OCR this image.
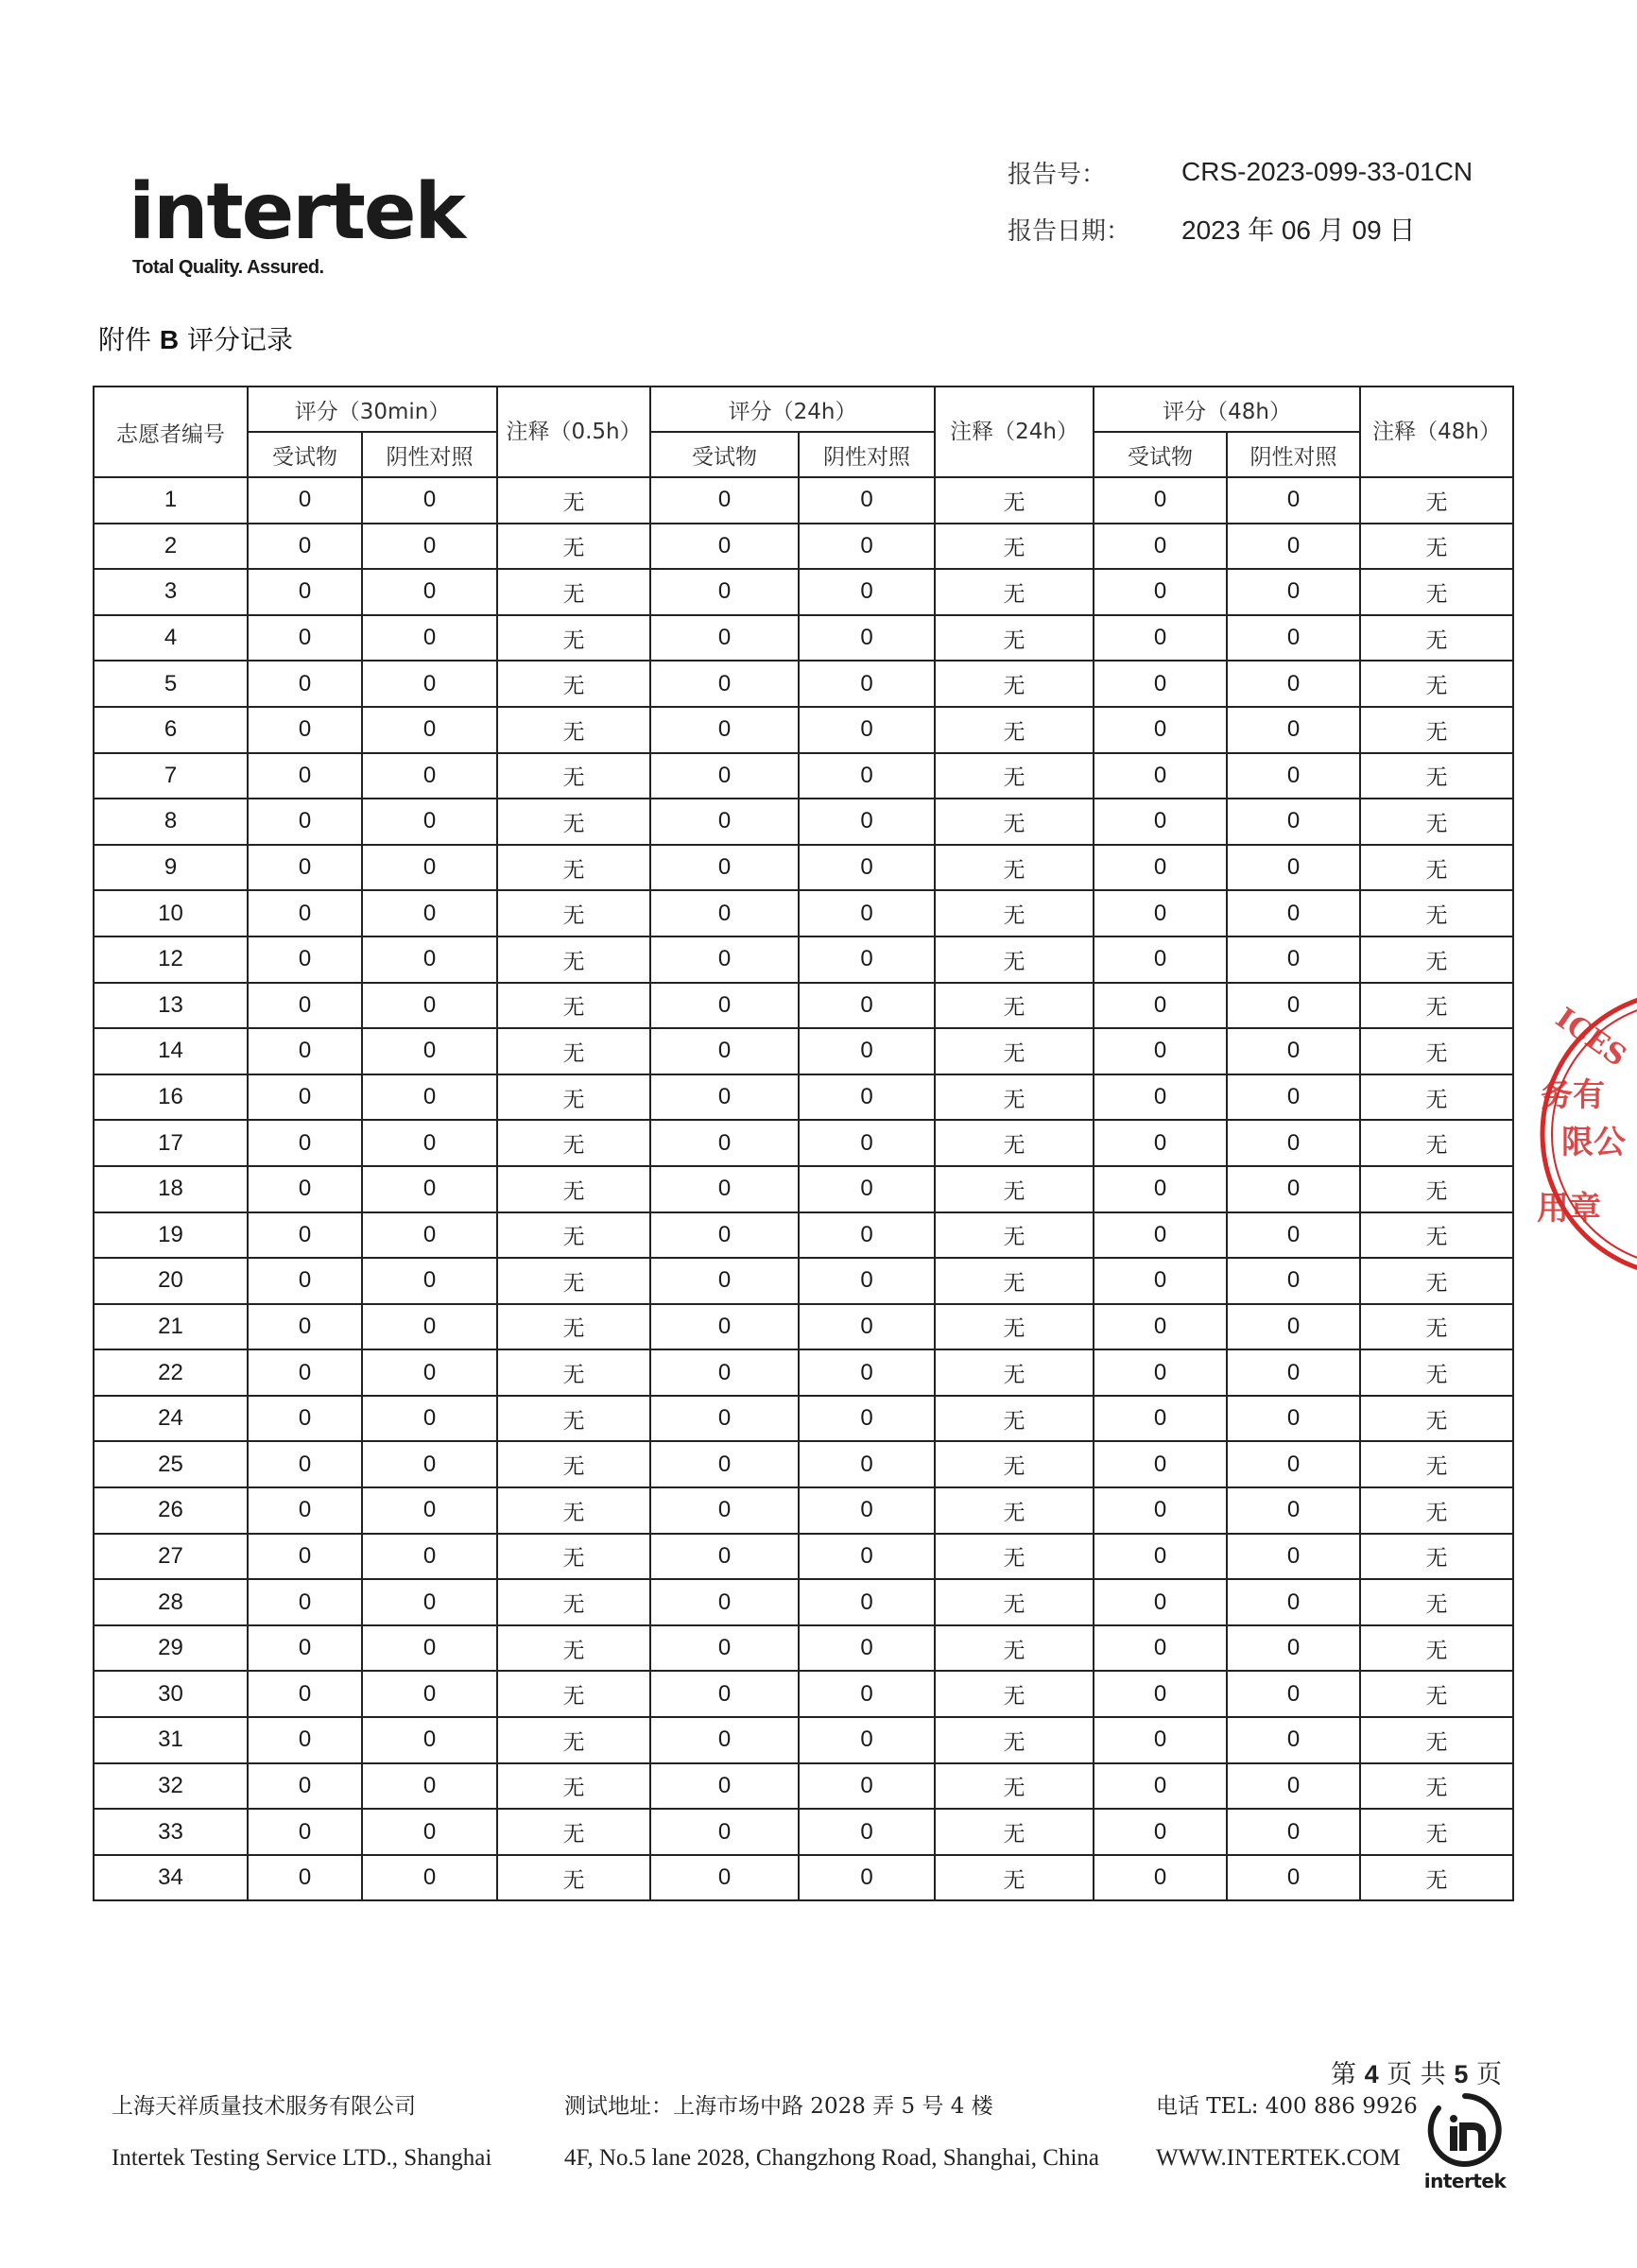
intertek
Total Quality. Assured.
报告号：	CRS-2023-099-33-01CN
报告日期：	2023 年 06 月 09 日
附件 B 评分记录
志愿者编号	评分（30min）		注释（0.5h）	评分（24h）		注释（24h）	评分（48h）		注释（48h）
	受试物	阴性对照		受试物	阴性对照		受试物	阴性对照	
1	0	0	无	0	0	无	0	0	无
2	0	0	无	0	0	无	0	0	无
3	0	0	无	0	0	无	0	0	无
4	0	0	无	0	0	无	0	0	无
5	0	0	无	0	0	无	0	0	无
6	0	0	无	0	0	无	0	0	无
7	0	0	无	0	0	无	0	0	无
8	0	0	无	0	0	无	0	0	无
9	0	0	无	0	0	无	0	0	无
10	0	0	无	0	0	无	0	0	无
12	0	0	无	0	0	无	0	0	无
13	0	0	无	0	0	无	0	0	无
14	0	0	无	0	0	无	0	0	无
16	0	0	无	0	0	无	0	0	无
17	0	0	无	0	0	无	0	0	无
18	0	0	无	0	0	无	0	0	无
19	0	0	无	0	0	无	0	0	无
20	0	0	无	0	0	无	0	0	无
21	0	0	无	0	0	无	0	0	无
22	0	0	无	0	0	无	0	0	无
24	0	0	无	0	0	无	0	0	无
25	0	0	无	0	0	无	0	0	无
26	0	0	无	0	0	无	0	0	无
27	0	0	无	0	0	无	0	0	无
28	0	0	无	0	0	无	0	0	无
29	0	0	无	0	0	无	0	0	无
30	0	0	无	0	0	无	0	0	无
31	0	0	无	0	0	无	0	0	无
32	0	0	无	0	0	无	0	0	无
33	0	0	无	0	0	无	0	0	无
34	0	0	无	0	0	无	0	0	无
ICES
务有
限公
用章
第 4 页 共 5 页
上海天祥质量技术服务有限公司
Intertek Testing Service LTD., Shanghai
测试地址：上海市场中路 2028 弄 5 号 4 楼
4F, No.5 lane 2028, Changzhong Road, Shanghai, China
电话 TEL: 400 886 9926
WWW.INTERTEK.COM
intertek
